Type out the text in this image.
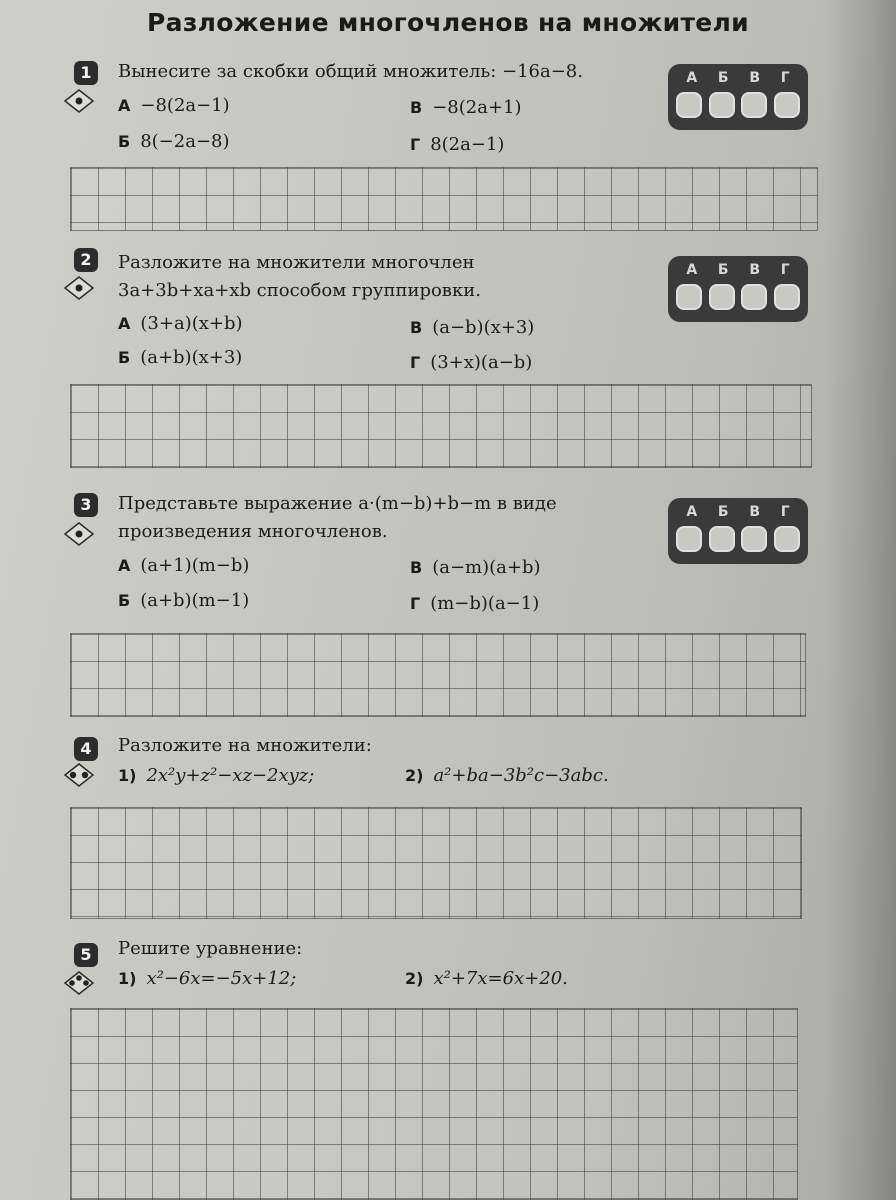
Разложение многочленов на множители
1	Вынесите за скобки общий множитель: −16a−8.
А −8(2a−1)
Б 8(−2a−8)
В −8(2a+1)
Г 8(2a−1)
А Б В Г
2	Разложите на множители многочлен
3a+3b+xa+xb способом группировки.
А (3+a)(x+b)
Б (a+b)(x+3)
В (a−b)(x+3)
Г (3+x)(a−b)
А Б В Г
3	Представьте выражение a·(m−b)+b−m в виде
произведения многочленов.
А (a+1)(m−b)
Б (a+b)(m−1)
В (a−m)(a+b)
Г (m−b)(a−1)
А Б В Г
4	Разложите на множители:
1) 2x²y+z²−xz−2xyz;	2) a²+ba−3b²c−3abc.
5	Решите уравнение:
1) x²−6x=−5x+12;	2) x²+7x=6x+20.
